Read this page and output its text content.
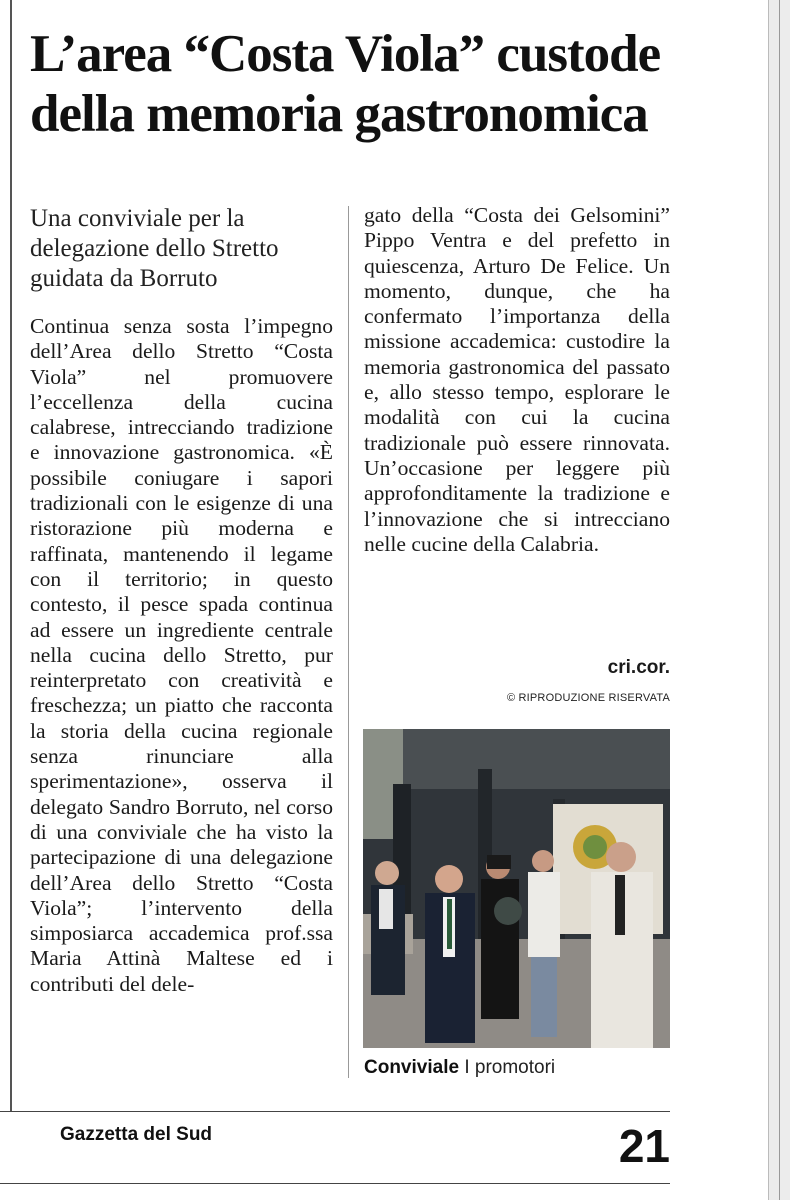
L’area “Costa Viola” custode della memoria gastronomica

Una conviviale per la delegazione dello Stretto guidata da Borruto

Continua senza sosta l’impegno dell’Area dello Stretto “Costa Viola” nel promuovere l’eccellenza della cucina calabrese, intrecciando tradizione e innovazione gastronomica. «È possibile coniugare i sapori tradizionali con le esigenze di una ristorazione più moderna e raffinata, mantenendo il legame con il territorio; in questo contesto, il pesce spada continua ad essere un ingrediente centrale nella cucina dello Stretto, pur reinterpretato con creatività e freschezza; un piatto che racconta la storia della cucina regionale senza rinunciare alla sperimentazione», osserva il delegato Sandro Borruto, nel corso di una conviviale che ha visto la partecipazione di una delegazione dell’Area dello Stretto “Costa Viola”; l’intervento della simposiarca accademica prof.ssa Maria Attinà Maltese ed i contributi del dele-

gato della “Costa dei Gelsomini” Pippo Ventra e del prefetto in quiescenza, Arturo De Felice. Un momento, dunque, che ha confermato l’importanza della missione accademica: custodire la memoria gastronomica del passato e, allo stesso tempo, esplorare le modalità con cui la cucina tradizionale può essere rinnovata. Un’occasione per leggere più approfonditamente la tradizione e l’innovazione che si intrecciano nelle cucine della Calabria.

cri.cor.
© RIPRODUZIONE RISERVATA
Conviviale I promotori
Gazzetta del Sud	21
